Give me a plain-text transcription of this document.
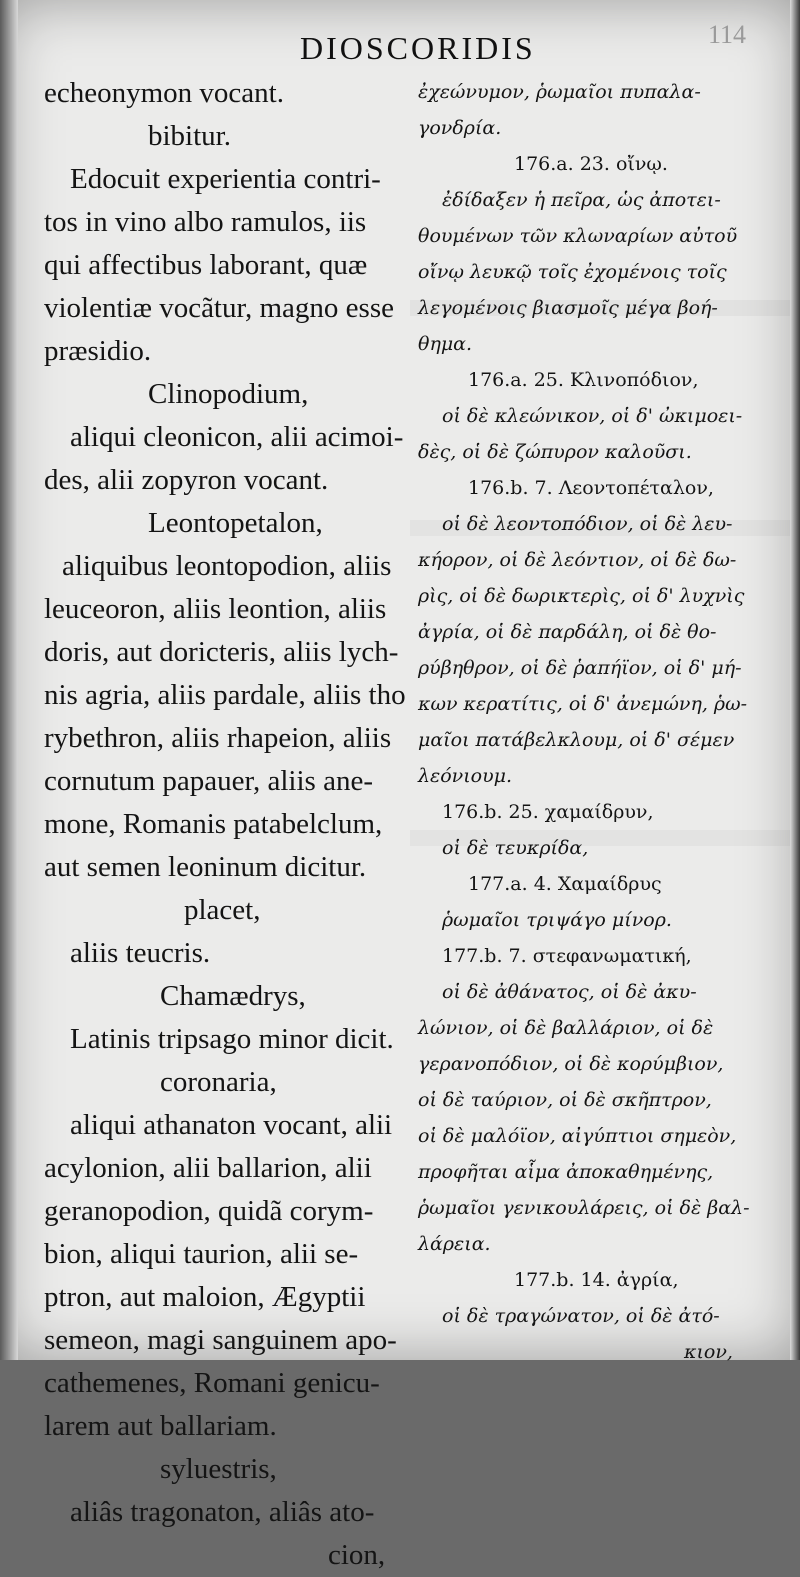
114
DIOSCORIDIS
echeonymon vocant.
bibitur.
Edocuit experientia contri-
tos in vino albo ramulos, iis
qui affectibus laborant, quæ
violentiæ vocãtur, magno esse
præsidio.
Clinopodium,
aliqui cleonicon, alii acimoi-
des, alii zopyron vocant.
Leontopetalon,
aliquibus leontopodion, aliis
leuceoron, aliis leontion, aliis
doris, aut doricteris, aliis lych-
nis agria, aliis pardale, aliis tho
rybethron, aliis rhapeion, aliis
cornutum papauer, aliis ane-
mone, Romanis patabelclum,
aut semen leoninum dicitur.
placet,
aliis teucris.
Chamædrys,
Latinis tripsago minor dicit.
coronaria,
aliqui athanaton vocant, alii
acylonion, alii ballarion, alii
geranopodion, quidã corym-
bion, aliqui taurion, alii se-
ptron, aut maloion, Ægyptii
semeon, magi sanguinem apo-
cathemenes, Romani genicu-
larem aut ballariam.
syluestris,
aliâs tragonaton, aliâs ato-
cion,
ἐχεώνυμον, ῥωμαῖοι πυπαλα-
γονδρία.
176.a. 23. οἴνῳ.
ἐδίδαξεν ἡ πεῖρα, ὡς ἀποτει-
θουμένων τῶν κλωναρίων αὐτοῦ
οἴνῳ λευκῷ τοῖς ἐχομένοις τοῖς
λεγομένοις βιασμοῖς μέγα βοή-
θημα.
176.a. 25. Κλινοπόδιον,
οἱ δὲ κλεώνικον, οἱ δ' ὠκιμοει-
δὲς, οἱ δὲ ζώπυρον καλοῦσι.
176.b. 7. Λεοντοπέταλον,
οἱ δὲ λεοντοπόδιον, οἱ δὲ λευ-
κήορον, οἱ δὲ λεόντιον, οἱ δὲ δω-
ρὶς, οἱ δὲ δωρικτερὶς, οἱ δ' λυχνὶς
ἀγρία, οἱ δὲ παρδάλη, οἱ δὲ θο-
ρύβηθρον, οἱ δὲ ῥαπήϊον, οἱ δ' μή-
κων κερατίτις, οἱ δ' ἀνεμώνη, ῥω-
μαῖοι πατάβελκλουμ, οἱ δ' σέμεν
λεόνιουμ.
176.b. 25. χαμαίδρυν,
οἱ δὲ τευκρίδα,
177.a. 4. Χαμαίδρυς
ῥωμαῖοι τριψάγο μίνορ.
177.b. 7. στεφανωματική,
οἱ δὲ ἀθάνατος, οἱ δὲ ἀκυ-
λώνιον, οἱ δὲ βαλλάριον, οἱ δὲ
γερανοπόδιον, οἱ δὲ κορύμβιον,
οἱ δὲ ταύριον, οἱ δὲ σκῆπτρον,
οἱ δὲ μαλόϊον, αἰγύπτιοι σημεὸν,
προφῆται αἷμα ἀποκαθημένης,
ῥωμαῖοι γενικουλάρεις, οἱ δὲ βαλ-
λάρεια.
177.b. 14. ἀγρία,
οἱ δὲ τραγώνατον, οἱ δὲ ἀτό-
κιον,
